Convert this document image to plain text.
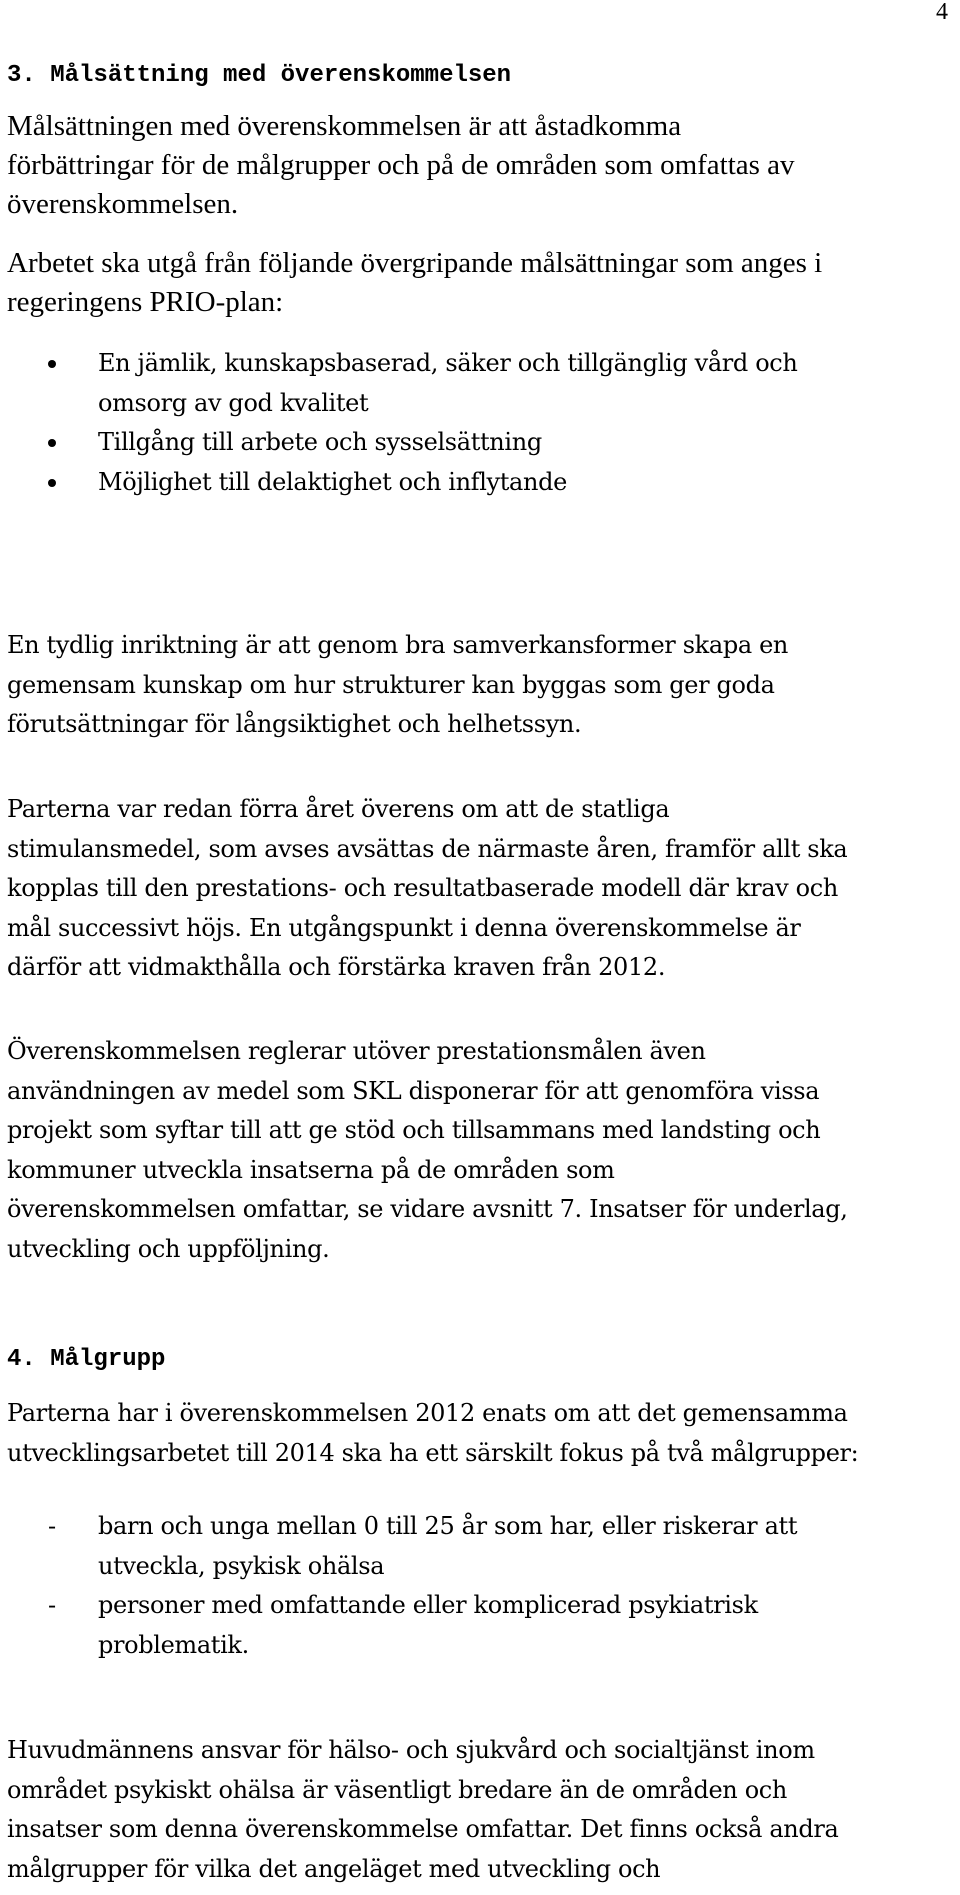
4
3. Målsättning med överenskommelsen

Målsättningen med överenskommelsen är att åstadkomma
förbättringar för de målgrupper och på de områden som omfattas av
överenskommelsen.

Arbetet ska utgå från följande övergripande målsättningar som anges i
regeringens PRIO-plan:

En jämlik, kunskapsbaserad, säker och tillgänglig vård och
omsorg av god kvalitet
Tillgång till arbete och sysselsättning
Möjlighet till delaktighet och inflytande

En tydlig inriktning är att genom bra samverkansformer skapa en
gemensam kunskap om hur strukturer kan byggas som ger goda
förutsättningar för långsiktighet och helhetssyn.

Parterna var redan förra året överens om att de statliga
stimulansmedel, som avses avsättas de närmaste åren, framför allt ska
kopplas till den prestations- och resultatbaserade modell där krav och
mål successivt höjs. En utgångspunkt i denna överenskommelse är
därför att vidmakthålla och förstärka kraven från 2012.

Överenskommelsen reglerar utöver prestationsmålen även
användningen av medel som SKL disponerar för att genomföra vissa
projekt som syftar till att ge stöd och tillsammans med landsting och
kommuner utveckla insatserna på de områden som
överenskommelsen omfattar, se vidare avsnitt 7. Insatser för underlag,
utveckling och uppföljning.

4. Målgrupp

Parterna har i överenskommelsen 2012 enats om att det gemensamma
utvecklingsarbetet till 2014 ska ha ett särskilt fokus på två målgrupper:

- barn och unga mellan 0 till 25 år som har, eller riskerar att
utveckla, psykisk ohälsa
- personer med omfattande eller komplicerad psykiatrisk
problematik.

Huvudmännens ansvar för hälso- och sjukvård och socialtjänst inom
området psykiskt ohälsa är väsentligt bredare än de områden och
insatser som denna överenskommelse omfattar. Det finns också andra
målgrupper för vilka det angeläget med utveckling och
